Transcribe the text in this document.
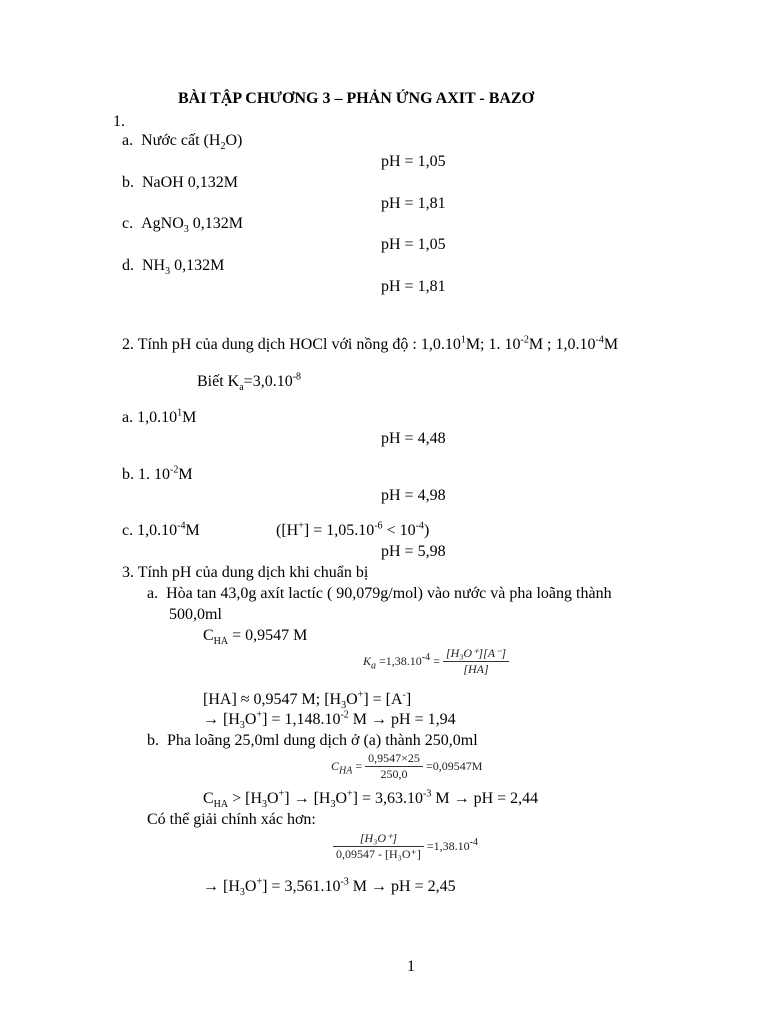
BÀI TẬP CHƯƠNG 3 – PHẢN ỨNG AXIT - BAZƠ
1.
a. Nước cất $(H_2O)$
pH = 1,05
b. NaOH 0,132M
pH = 1,81
c. AgNO$_3$ 0,132M
pH = 1,05
d. $NH_3$ 0,132M
pH = 1,81
2. Tính pH của dung dịch HOCl với nồng độ : 1,0.10$^1$M; 1. $10^{-2}M$ ; $1,0.10^{-4}M$
Biết $K_a=3,0.10^{-8}$
a. 1,0.10$^1$M
pH = 4,48
b. 1. $10^{-2}M$
pH = 4,98
c. $1,0.10^{-4}M$	$([H^+] = 1,05.10^{-6} < 10^{-4})$
pH = 5,98
3. Tính pH của dung dịch khi chuẩn bị
a. Hòa tan 43,0g axít lactíc ( 90,079g/mol) vào nước và pha loãng thành
500,0ml
$C_{HA} = 0,9547$ M
$K_a =1,38.10^{-4} = \frac{\text{[H₃O⁺][A⁻]}}{[HA]}$
[HA] ≈ 0,9547 M; $[H_3O^+] = [A^-]$
→ $[H_3O^+] = 1,148.10^{-2}$ M → pH = 1,94
b. Pha loãng 25,0ml dung dịch ở (a) thành 250,0ml
$C_{HA} = \frac{0,9547\times 25}{250,0} =0,09547M$
$C_{HA} > [H_3O^+] \to [H_3O^+] = 3,63.10^{-3}$ M → pH = 2,44
Có thể giải chính xác hơn:
$\frac{\text{[H₃O⁺]}}{\text{0,09547 - [H₃O⁺]}} =1,38.10^{-4}$
→ $[H_3O^+] = 3,561.10^{-3}$ M → pH = 2,45
1
